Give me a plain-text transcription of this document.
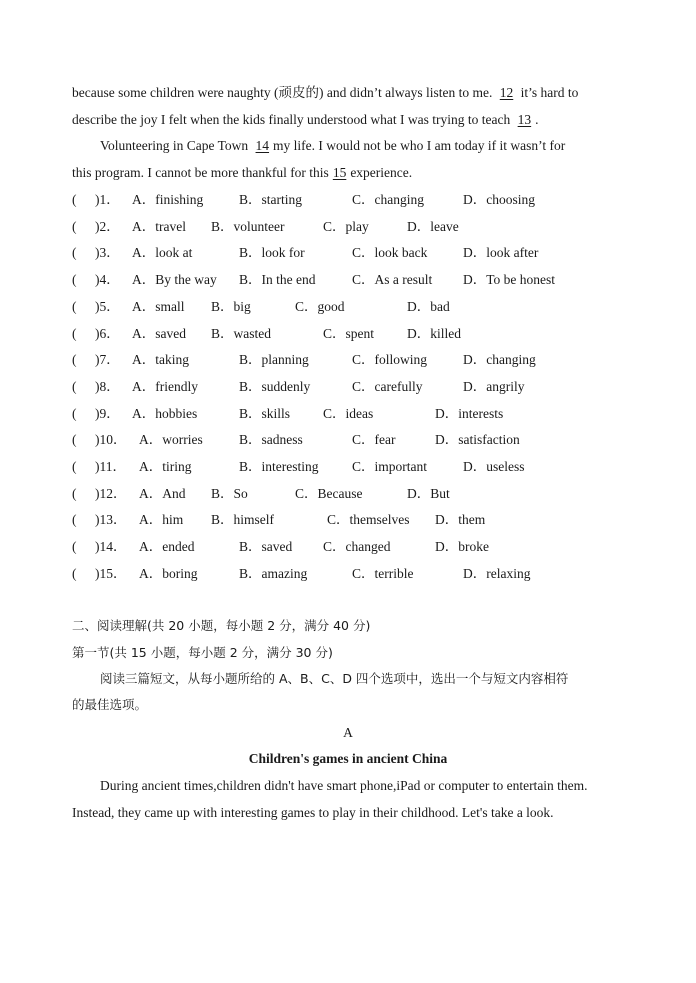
because some children were naughty (顽皮的) and didn’t always listen to me. 12 it’s hard to
describe the joy I felt when the kids finally understood what I was trying to teach 13 .
Volunteering in Cape Town 14 my life. I would not be who I am today if it wasn’t for
this program. I cannot be more thankful for this 15 experience.
( )1． A．finishing	B．starting	C．changing	D．choosing
( )2． A．travel B．volunteer	C．play	D．leave
( )3． A．look at	B．look for	C．look back	D．look after
( )4． A．By the way B．In the end	C．As a result D．To be honest
( )5． A．small B．big	C．good	D．bad
( )6． A．saved B．wasted	C．spent D．killed
( )7． A．taking	B．planning	C．following	D．changing
( )8． A．friendly	B．suddenly	C．carefully	D．angrily
( )9． A．hobbies	B．skills C．ideas	D．interests
( )10． A．worries	B．sadness	C．fear	D．satisfaction
( )11． A．tiring	B．interesting C．important	D．useless
( )12． A．And B．So	C．Because	D．But
( )13． A．him B．himself	C．themselves D．them
( )14． A．ended	B．saved C．changed	D．broke
( )15． A．boring	B．amazing	C．terrible	D．relaxing
二、阅读理解(共 20 小题，每小题 2 分，满分 40 分)
第一节(共 15 小题，每小题 2 分，满分 30 分)
阅读三篇短文，从每小题所给的 A、B、C、D 四个选项中，选出一个与短文内容相符
的最佳选项。
A
Children's games in ancient China
During ancient times,children didn't have smart phone,iPad or computer to entertain them.
Instead, they came up with interesting games to play in their childhood. Let's take a look.
